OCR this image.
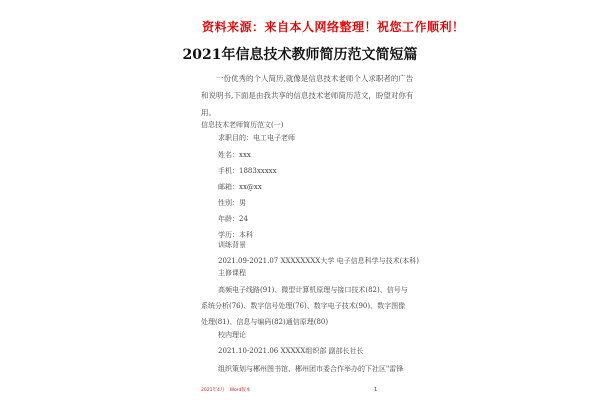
资料来源：来自本人网络整理！祝您工作顺利！
2021年信息技术教师简历范文简短篇

一份优秀的个人简历,就像是信息技术老师个人求职者的广告

和说明书,下面是由我共享的信息技术老师简历范文，盼望对你有用。

信息技术老师简历范文(一)
求职目的：电工电子老师
姓名：xxx
手机：1883xxxxx
邮箱：xx@xx
性别：男
年龄：24
学历：本科
训练背景
2021.09-2021.07 XXXXXXXX大学 电子信息科学与技术(本科)
主修课程
高频电子线路(91)、微型计算机原理与接口技术(82)、信号与
系统分析(76)、数字信号处理(76)、数字电子技术(90)、数字图像
处理(81)、信息与编码(82)通信原理(80)
校内理论
2021.10-2021.06 XXXXX组织部 副部长社长
组织策划与郴州图书馆、郴州团市委合作举办的下社区"雷锋
2021年4月 Word版本	1
